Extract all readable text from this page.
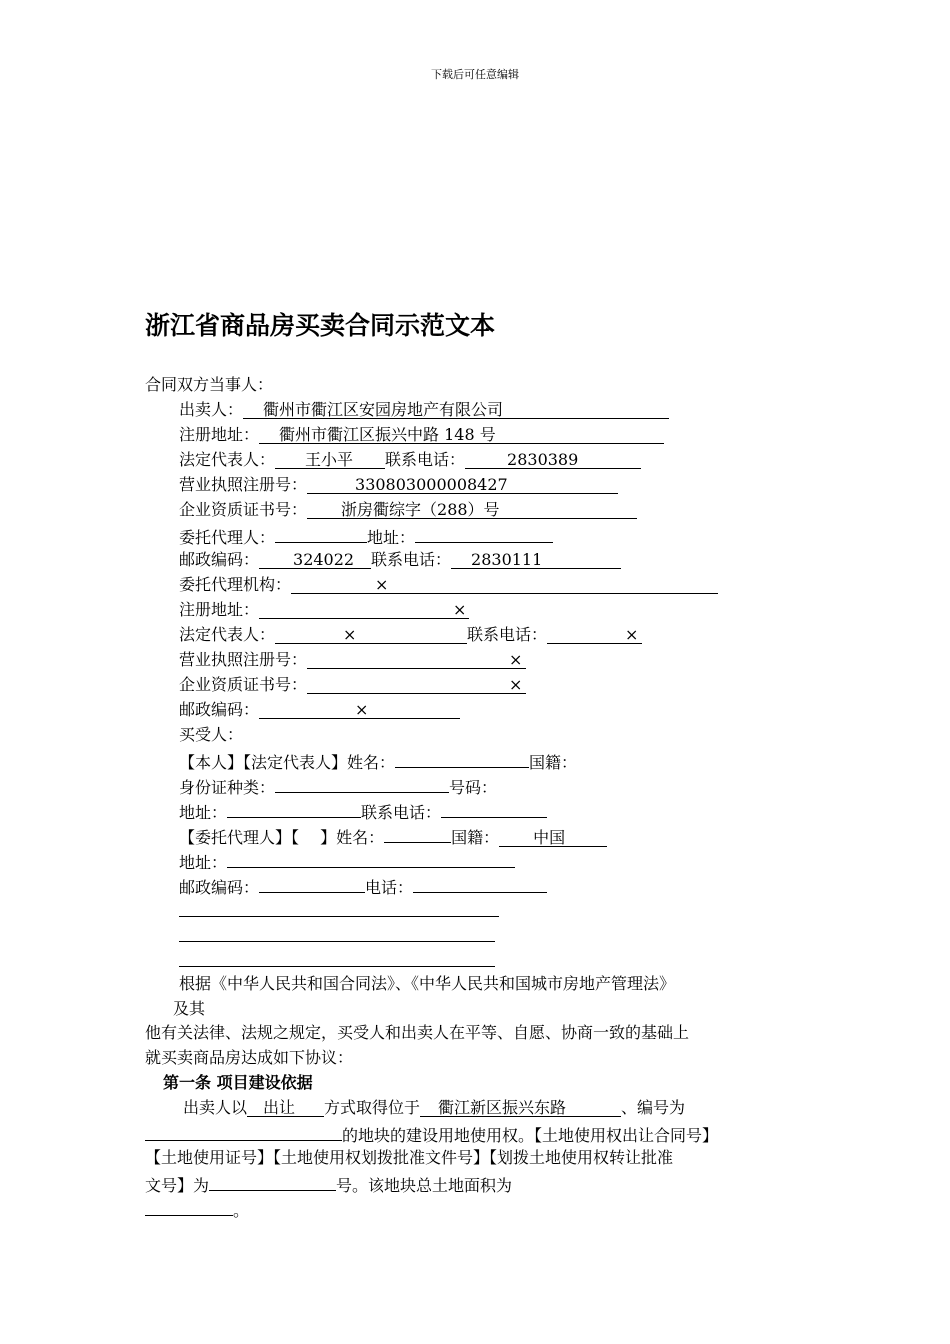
下载后可任意编辑
浙江省商品房买卖合同示范文本
合同双方当事人：
出卖人： 衢州市衢江区安园房地产有限公司
注册地址： 衢州市衢江区振兴中路 148 号
法定代表人： 王小平 联系电话：	2830389
营业执照注册号：	330803000008427
企业资质证书号： 浙房衢综字（288）号
委托代理人：	地址：
邮政编码： 324022 联系电话： 2830111
委托代理机构：	×
注册地址：	×
法定代表人：	×	联系电话：	×
营业执照注册号：	×
企业资质证书号：	×
邮政编码：	×
买受人：
【本人】【法定代表人】姓名：	国籍：
身份证种类：	号码：
地址：	联系电话：
【委托代理人】【　 】姓名：	国籍： 中国
地址：
邮政编码：	电话：
根据《中华人民共和国合同法》、《中华人民共和国城市房地产管理法》
及其
他有关法律、法规之规定，买受人和出卖人在平等、自愿、协商一致的基础上
就买卖商品房达成如下协议：
第一条 项目建设依据
出卖人以 出让 方式取得位于 衢江新区振兴东路	、编号为
的地块的建设用地使用权。【土地使用权出让合同号】
【土地使用证号】【土地使用权划拨批准文件号】【划拨土地使用权转让批准
文号】为	号。该地块总土地面积为
。
